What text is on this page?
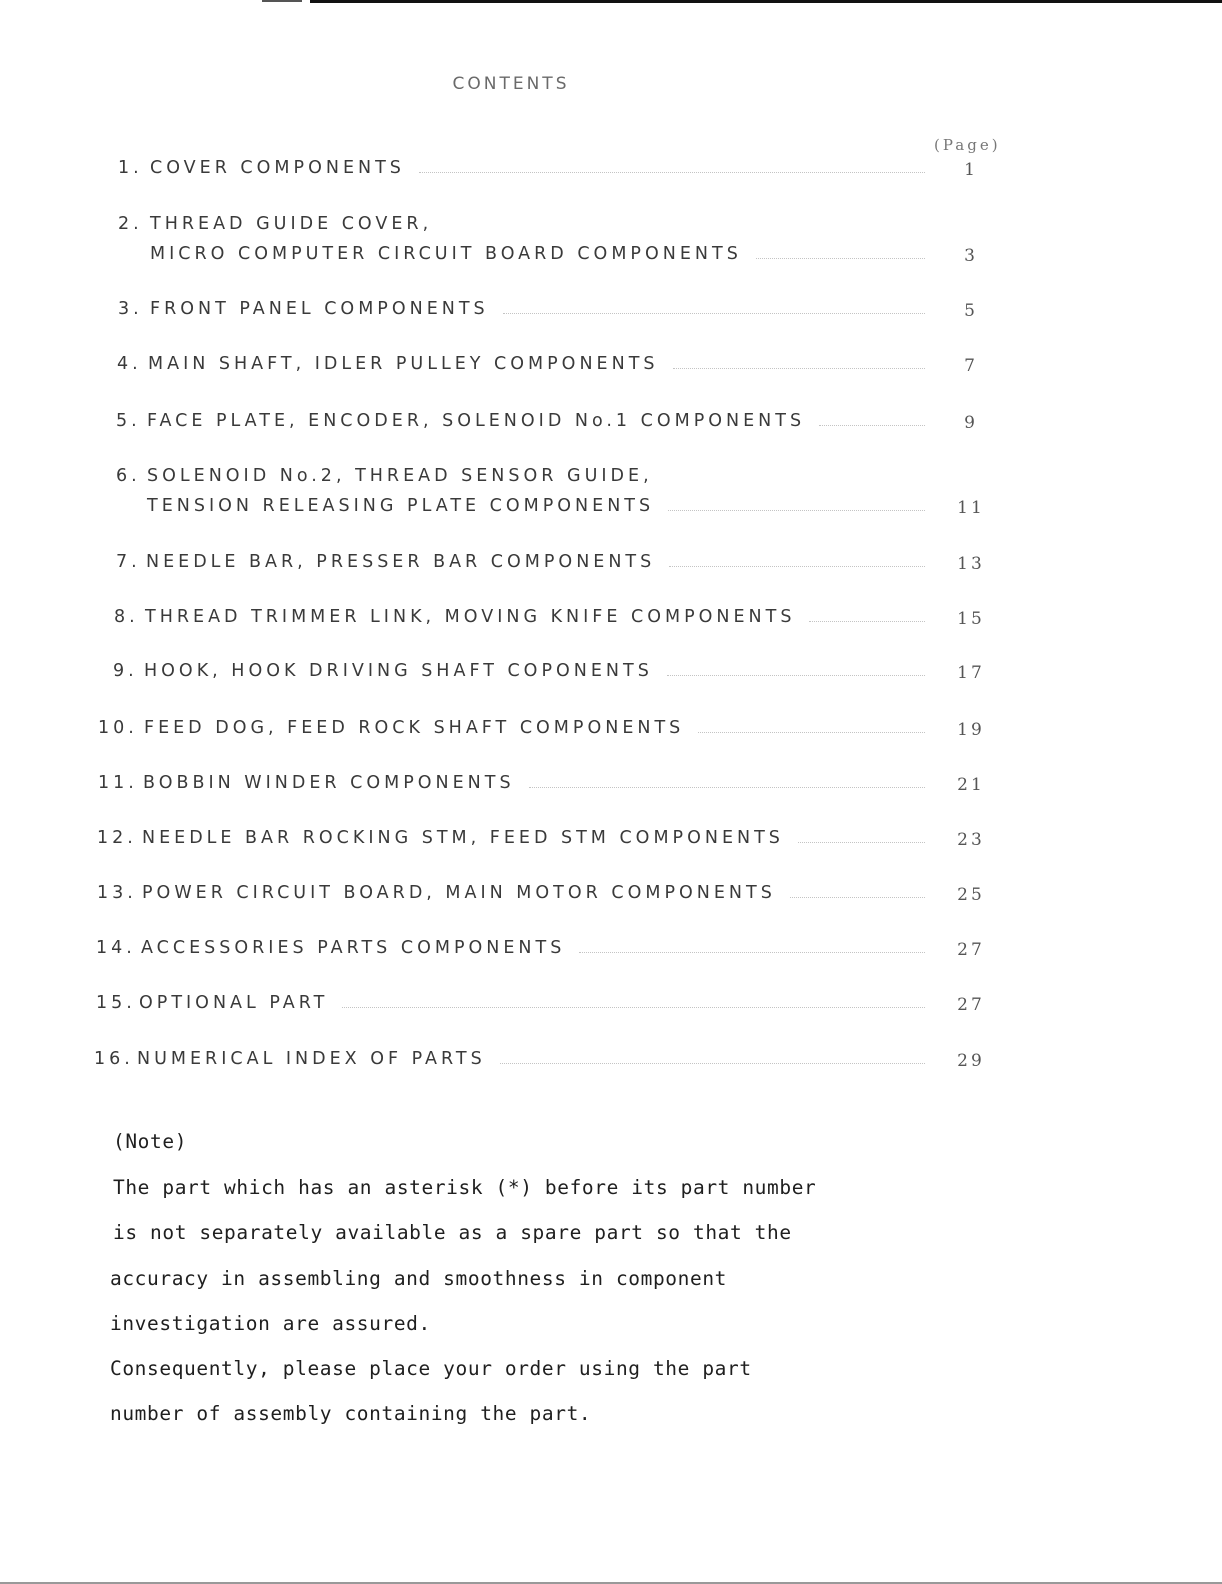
CONTENTS
(Page)
1. COVER COMPONENTS	1
2. THREAD GUIDE COVER,
MICRO COMPUTER CIRCUIT BOARD COMPONENTS	3
3. FRONT PANEL COMPONENTS	5
4. MAIN SHAFT, IDLER PULLEY COMPONENTS	7
5. FACE PLATE, ENCODER, SOLENOID No.1 COMPONENTS	9
6. SOLENOID No.2, THREAD SENSOR GUIDE,
TENSION RELEASING PLATE COMPONENTS	11
7. NEEDLE BAR, PRESSER BAR COMPONENTS	13
8. THREAD TRIMMER LINK, MOVING KNIFE COMPONENTS	15
9. HOOK, HOOK DRIVING SHAFT COPONENTS	17
10. FEED DOG, FEED ROCK SHAFT COMPONENTS	19
11. BOBBIN WINDER COMPONENTS	21
12. NEEDLE BAR ROCKING STM, FEED STM COMPONENTS	23
13. POWER CIRCUIT BOARD, MAIN MOTOR COMPONENTS	25
14. ACCESSORIES PARTS COMPONENTS	27
15. OPTIONAL PART	27
16. NUMERICAL INDEX OF PARTS	29
(Note)
The part which has an asterisk (*) before its part number
is not separately available as a spare part so that the
accuracy in assembling and smoothness in component
investigation are assured.
Consequently, please place your order using the part
number of assembly containing the part.
